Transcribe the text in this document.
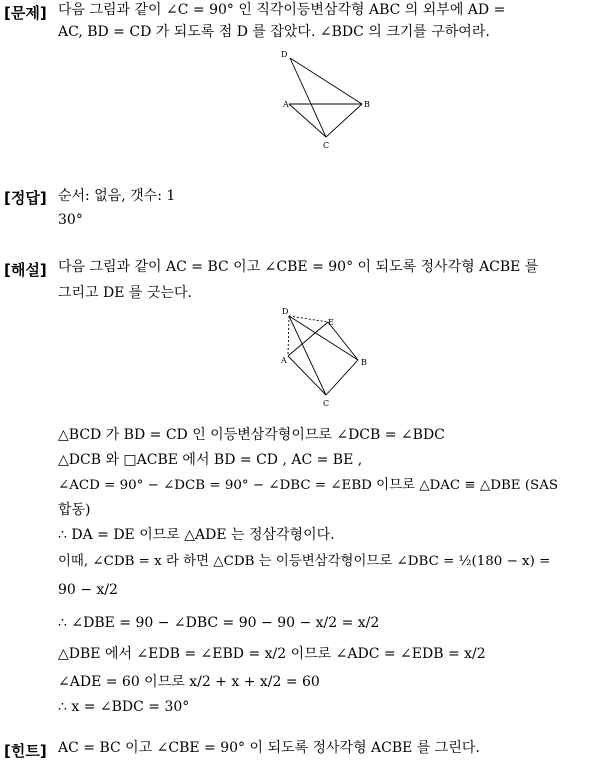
[문제] 다음 그림과 같이 ∠C = 90° 인 직각이등변삼각형 ABC 의 외부에 AD =
AC, BD = CD 가 되도록 점 D 를 잡았다. ∠BDC 의 크기를 구하여라.
D
A	B
C
[정답] 순서: 없음, 갯수: 1
30°
[해설] 다음 그림과 같이 AC = BC 이고 ∠CBE = 90° 이 되도록 정사각형 ACBE 를
그리고 DE 를 긋는다.
D
E
A	B
C
△BCD 가 BD = CD 인 이등변삼각형이므로 ∠DCB = ∠BDC
△DCB 와 □ACBE 에서 BD = CD , AC = BE ,
∠ACD = 90° − ∠DCB = 90° − ∠DBC = ∠EBD 이므로 △DAC ≡ △DBE (SAS
합동)
∴ DA = DE 이므로 △ADE 는 정삼각형이다.
이때, ∠CDB = x 라 하면 △CDB 는 이등변삼각형이므로 ∠DBC = ½(180 − x) =
90 − x/2
∴ ∠DBE = 90 − ∠DBC = 90 − 90 − x/2 = x/2
△DBE 에서 ∠EDB = ∠EBD = x/2 이므로 ∠ADC = ∠EDB = x/2
∠ADE = 60 이므로 x/2 + x + x/2 = 60
∴ x = ∠BDC = 30°
[힌트] AC = BC 이고 ∠CBE = 90° 이 되도록 정사각형 ACBE 를 그린다.
